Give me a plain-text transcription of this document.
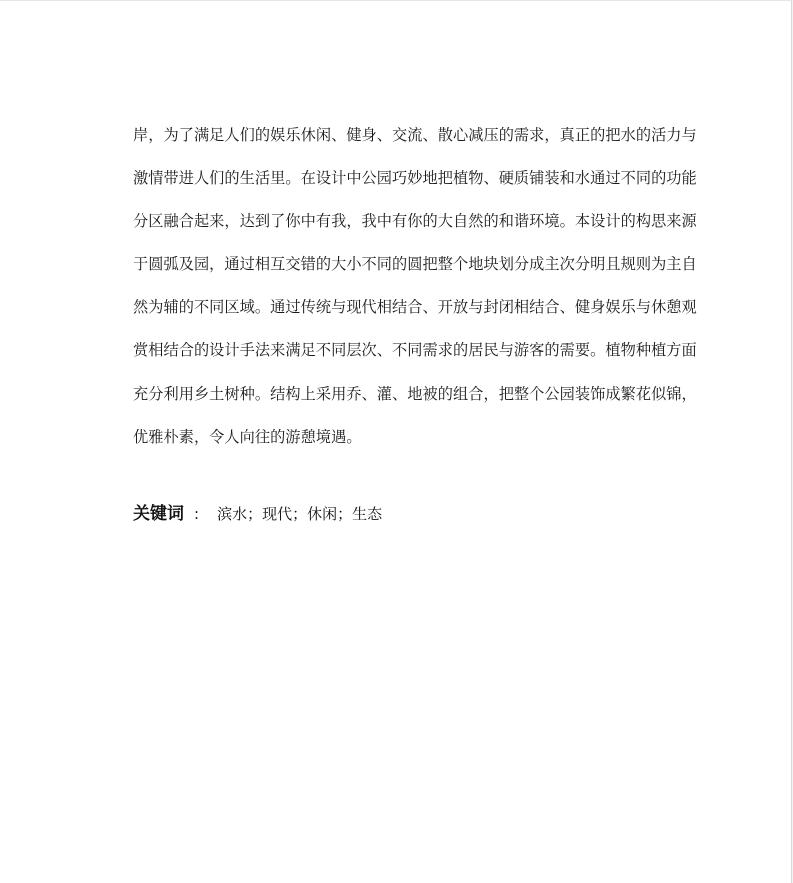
岸，为了满足人们的娱乐休闲、健身、交流、散心减压的需求，真正的把水的活力与
激情带进人们的生活里。在设计中公园巧妙地把植物、硬质铺装和水通过不同的功能
分区融合起来，达到了你中有我，我中有你的大自然的和谐环境。本设计的构思来源
于圆弧及园，通过相互交错的大小不同的圆把整个地块划分成主次分明且规则为主自
然为辅的不同区域。通过传统与现代相结合、开放与封闭相结合、健身娱乐与休憩观
赏相结合的设计手法来满足不同层次、不同需求的居民与游客的需要。植物种植方面
充分利用乡土树种。结构上采用乔、灌、地被的组合，把整个公园装饰成繁花似锦，
优雅朴素，令人向往的游憩境遇。
关键词 : 滨水；现代；休闲；生态
